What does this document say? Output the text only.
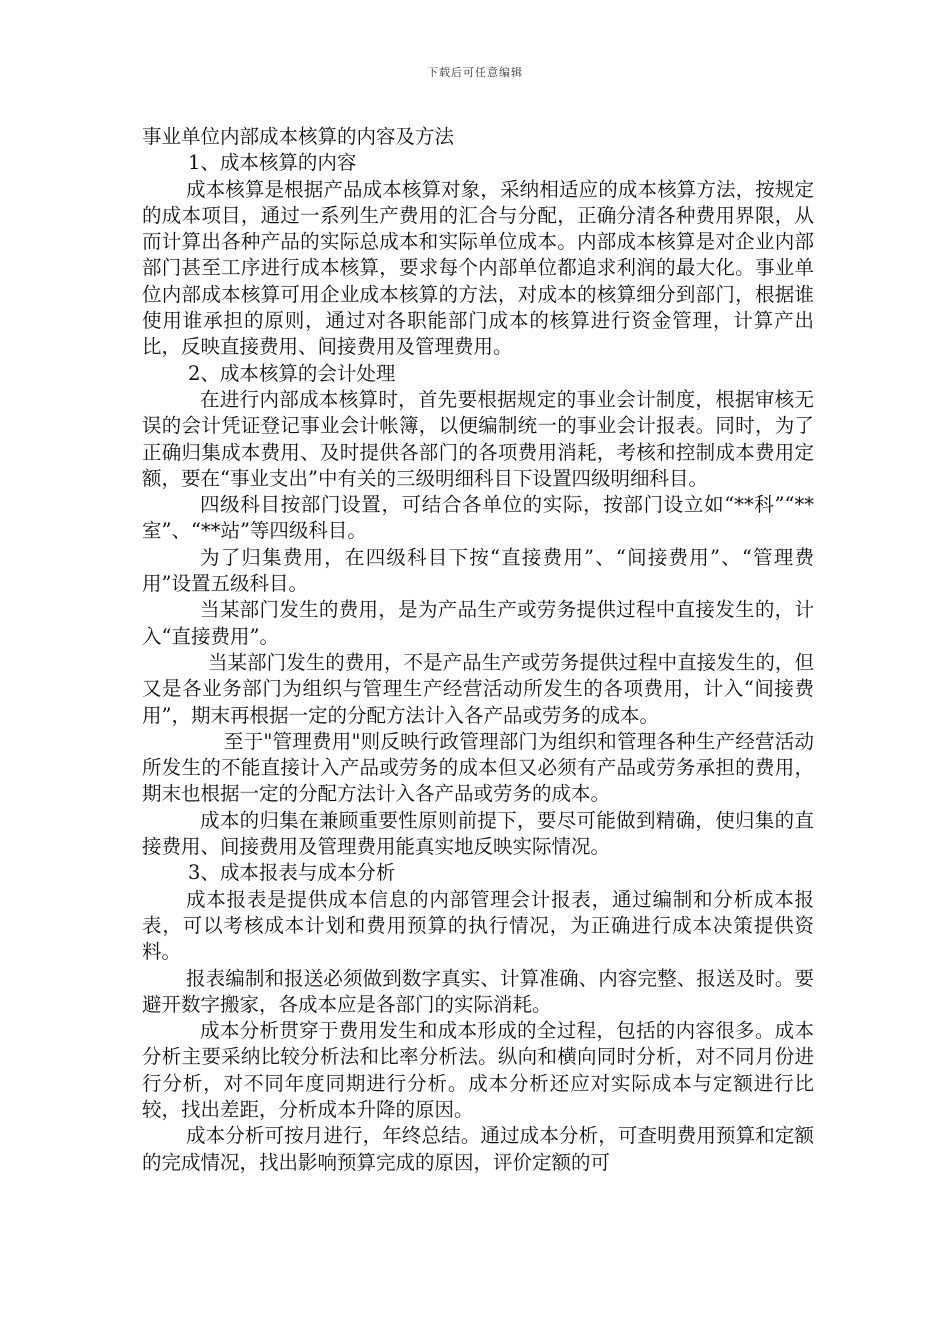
下载后可任意编辑

事业单位内部成本核算的内容及方法

1、成本核算的内容

成本核算是根据产品成本核算对象，采纳相适应的成本核算方法，按规定的成本项目，通过一系列生产费用的汇合与分配，正确分清各种费用界限，从而计算出各种产品的实际总成本和实际单位成本。内部成本核算是对企业内部部门甚至工序进行成本核算，要求每个内部单位都追求利润的最大化。事业单位内部成本核算可用企业成本核算的方法，对成本的核算细分到部门，根据谁使用谁承担的原则，通过对各职能部门成本的核算进行资金管理，计算产出比，反映直接费用、间接费用及管理费用。

2、成本核算的会计处理

在进行内部成本核算时，首先要根据规定的事业会计制度，根据审核无误的会计凭证登记事业会计帐簿，以便编制统一的事业会计报表。同时，为了正确归集成本费用、及时提供各部门的各项费用消耗，考核和控制成本费用定额，要在“事业支出”中有关的三级明细科目下设置四级明细科目。

四级科目按部门设置，可结合各单位的实际，按部门设立如“**科”“**室”、“**站”等四级科目。

为了归集费用，在四级科目下按“直接费用”、“间接费用”、“管理费用”设置五级科目。

当某部门发生的费用，是为产品生产或劳务提供过程中直接发生的，计入“直接费用”。

当某部门发生的费用，不是产品生产或劳务提供过程中直接发生的，但又是各业务部门为组织与管理生产经营活动所发生的各项费用，计入“间接费用”，期末再根据一定的分配方法计入各产品或劳务的成本。

至于"管理费用"则反映行政管理部门为组织和管理各种生产经营活动所发生的不能直接计入产品或劳务的成本但又必须有产品或劳务承担的费用，期末也根据一定的分配方法计入各产品或劳务的成本。

成本的归集在兼顾重要性原则前提下，要尽可能做到精确，使归集的直接费用、间接费用及管理费用能真实地反映实际情况。

3、成本报表与成本分析

成本报表是提供成本信息的内部管理会计报表，通过编制和分析成本报表，可以考核成本计划和费用预算的执行情况，为正确进行成本决策提供资料。

报表编制和报送必须做到数字真实、计算准确、内容完整、报送及时。要避开数字搬家，各成本应是各部门的实际消耗。

成本分析贯穿于费用发生和成本形成的全过程，包括的内容很多。成本分析主要采纳比较分析法和比率分析法。纵向和横向同时分析，对不同月份进行分析，对不同年度同期进行分析。成本分析还应对实际成本与定额进行比较，找出差距，分析成本升降的原因。

成本分析可按月进行，年终总结。通过成本分析，可查明费用预算和定额的完成情况，找出影响预算完成的原因，评价定额的可
